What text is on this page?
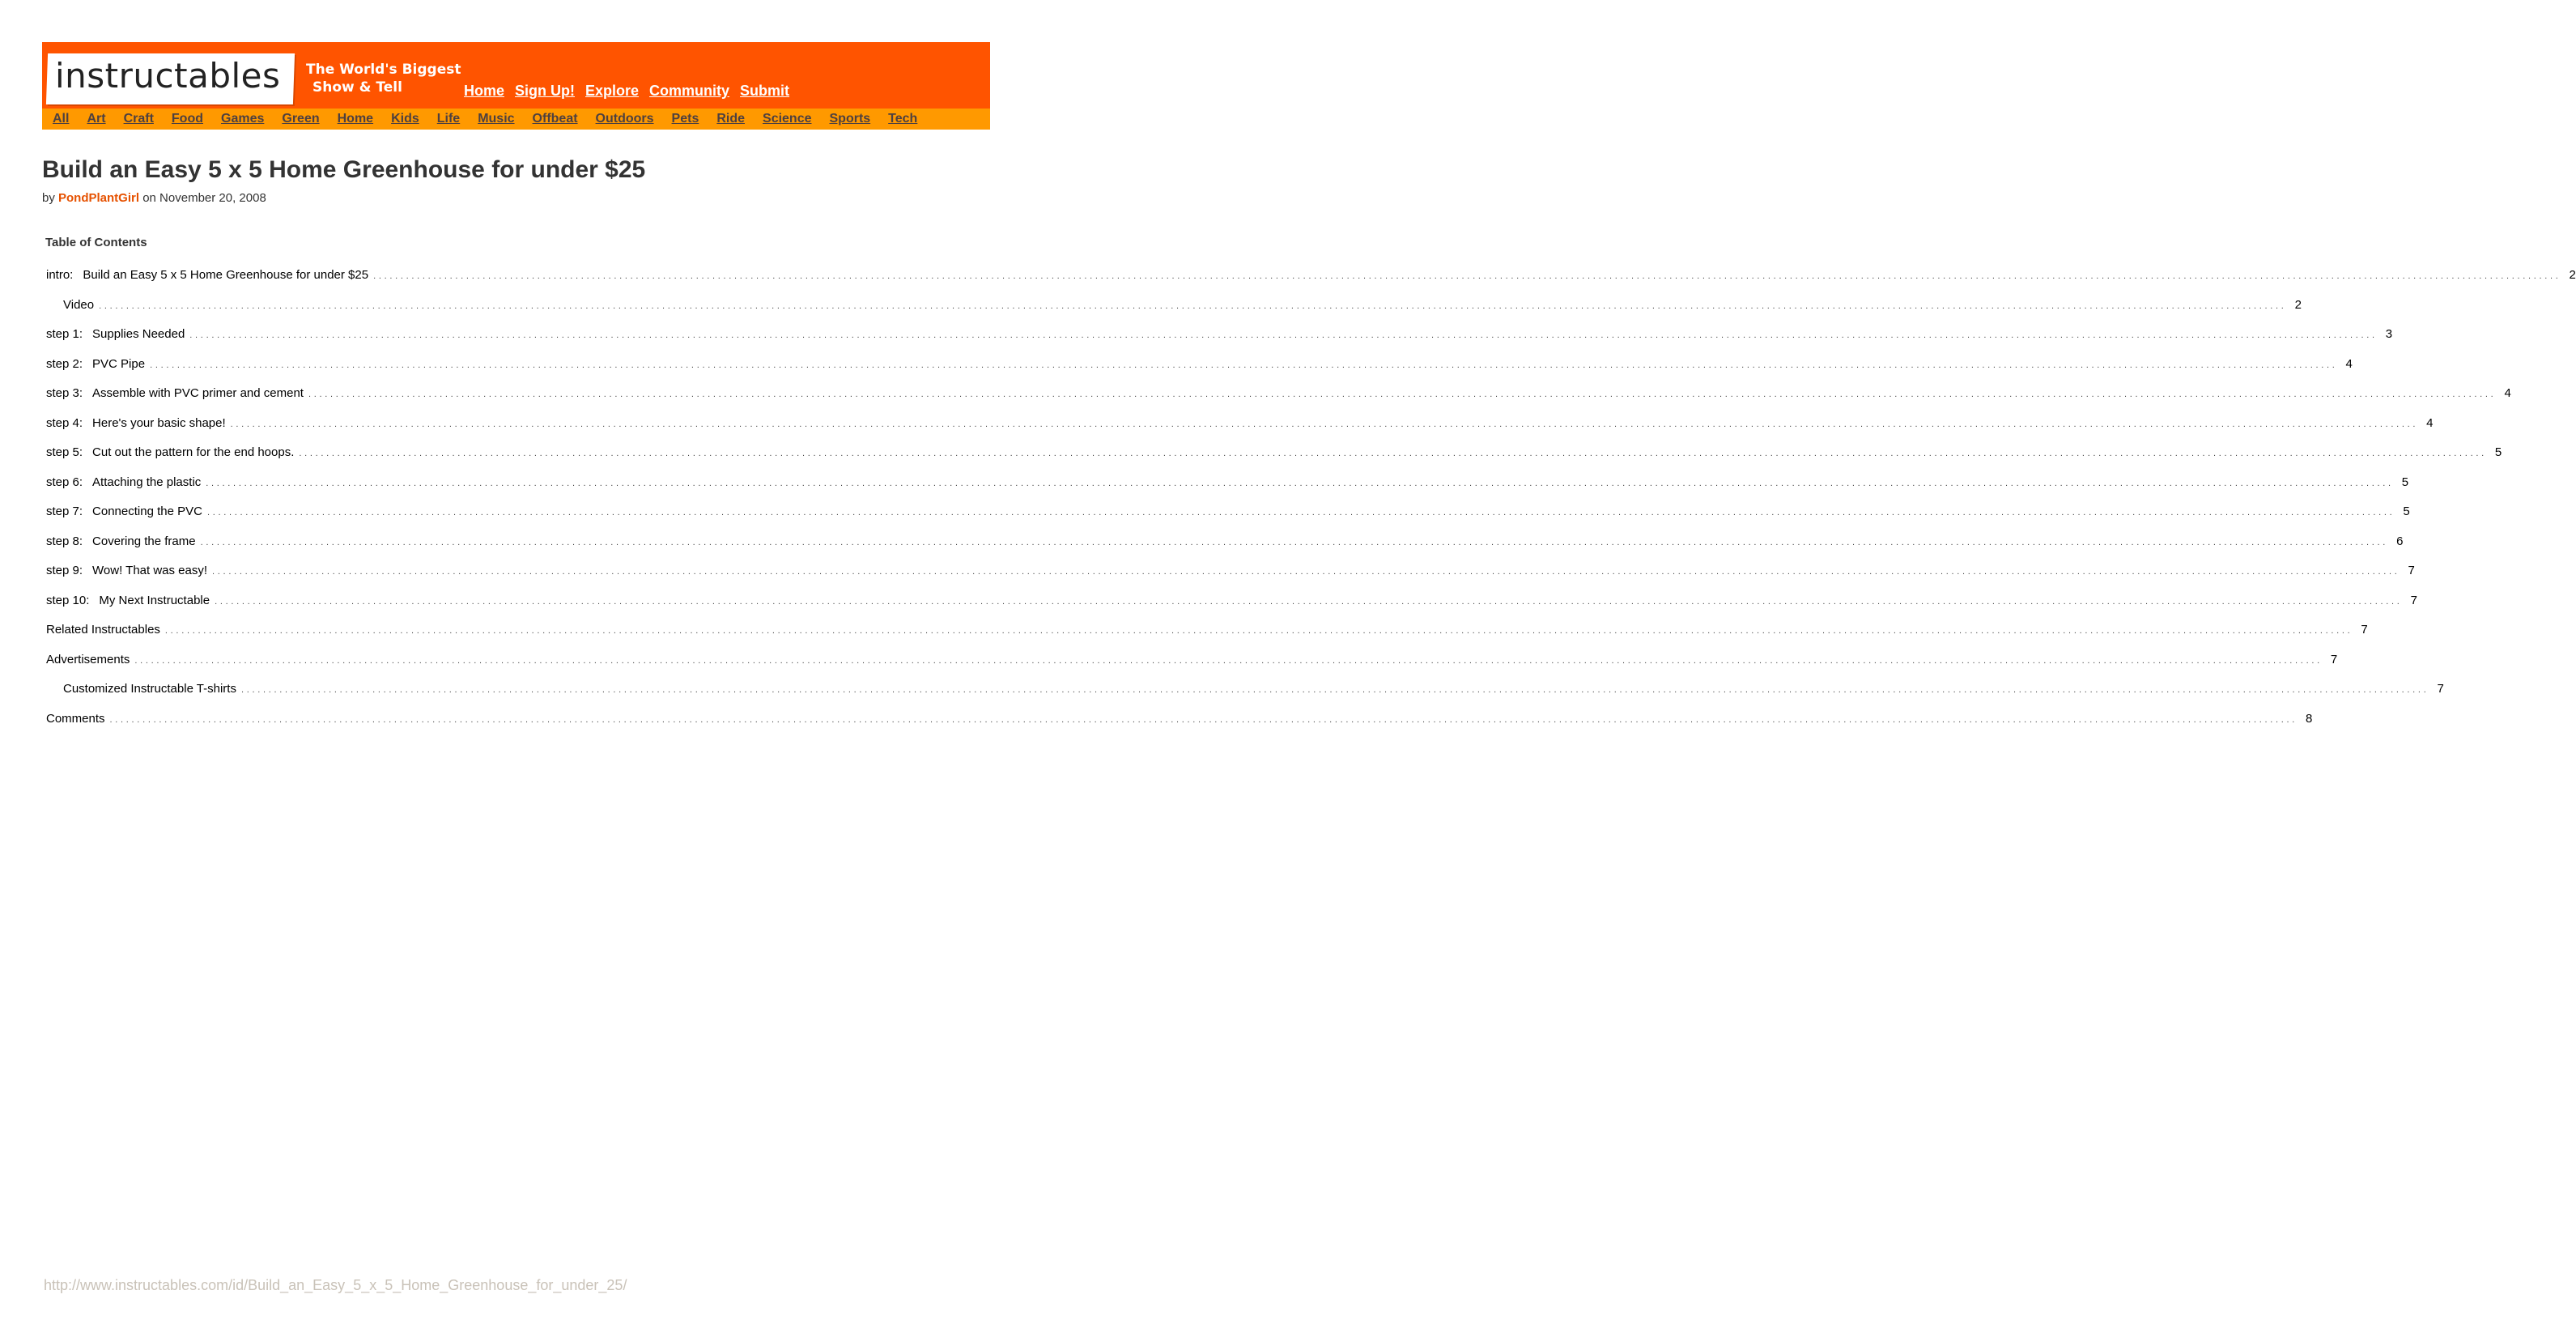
instructables The World's Biggest
Show & Tell	Home Sign Up! Explore Community Submit
All Art Craft Food Games Green Home Kids Life Music Offbeat Outdoors Pets Ride Science Sports Tech
Build an Easy 5 x 5 Home Greenhouse for under $25
by PondPlantGirl on November 20, 2008
Table of Contents
intro: Build an Easy 5 x 5 Home Greenhouse for under $25 ................................................................................................................................................................................................................................................................................................................................................................................................................ 2
Video ................................................................................................................................................................................................................................................................................................................................................................................................................ 2
step 1: Supplies Needed ................................................................................................................................................................................................................................................................................................................................................................................................................ 3
step 2: PVC Pipe ................................................................................................................................................................................................................................................................................................................................................................................................................ 4
step 3: Assemble with PVC primer and cement ................................................................................................................................................................................................................................................................................................................................................................................................................ 4
step 4: Here's your basic shape! ................................................................................................................................................................................................................................................................................................................................................................................................................ 4
step 5: Cut out the pattern for the end hoops. ................................................................................................................................................................................................................................................................................................................................................................................................................ 5
step 6: Attaching the plastic ................................................................................................................................................................................................................................................................................................................................................................................................................ 5
step 7: Connecting the PVC ................................................................................................................................................................................................................................................................................................................................................................................................................ 5
step 8: Covering the frame ................................................................................................................................................................................................................................................................................................................................................................................................................ 6
step 9: Wow! That was easy! ................................................................................................................................................................................................................................................................................................................................................................................................................ 7
step 10: My Next Instructable ................................................................................................................................................................................................................................................................................................................................................................................................................ 7
Related Instructables ................................................................................................................................................................................................................................................................................................................................................................................................................ 7
Advertisements ................................................................................................................................................................................................................................................................................................................................................................................................................ 7
Customized Instructable T-shirts ................................................................................................................................................................................................................................................................................................................................................................................................................ 7
Comments ................................................................................................................................................................................................................................................................................................................................................................................................................ 8
http://www.instructables.com/id/Build_an_Easy_5_x_5_Home_Greenhouse_for_under_25/
